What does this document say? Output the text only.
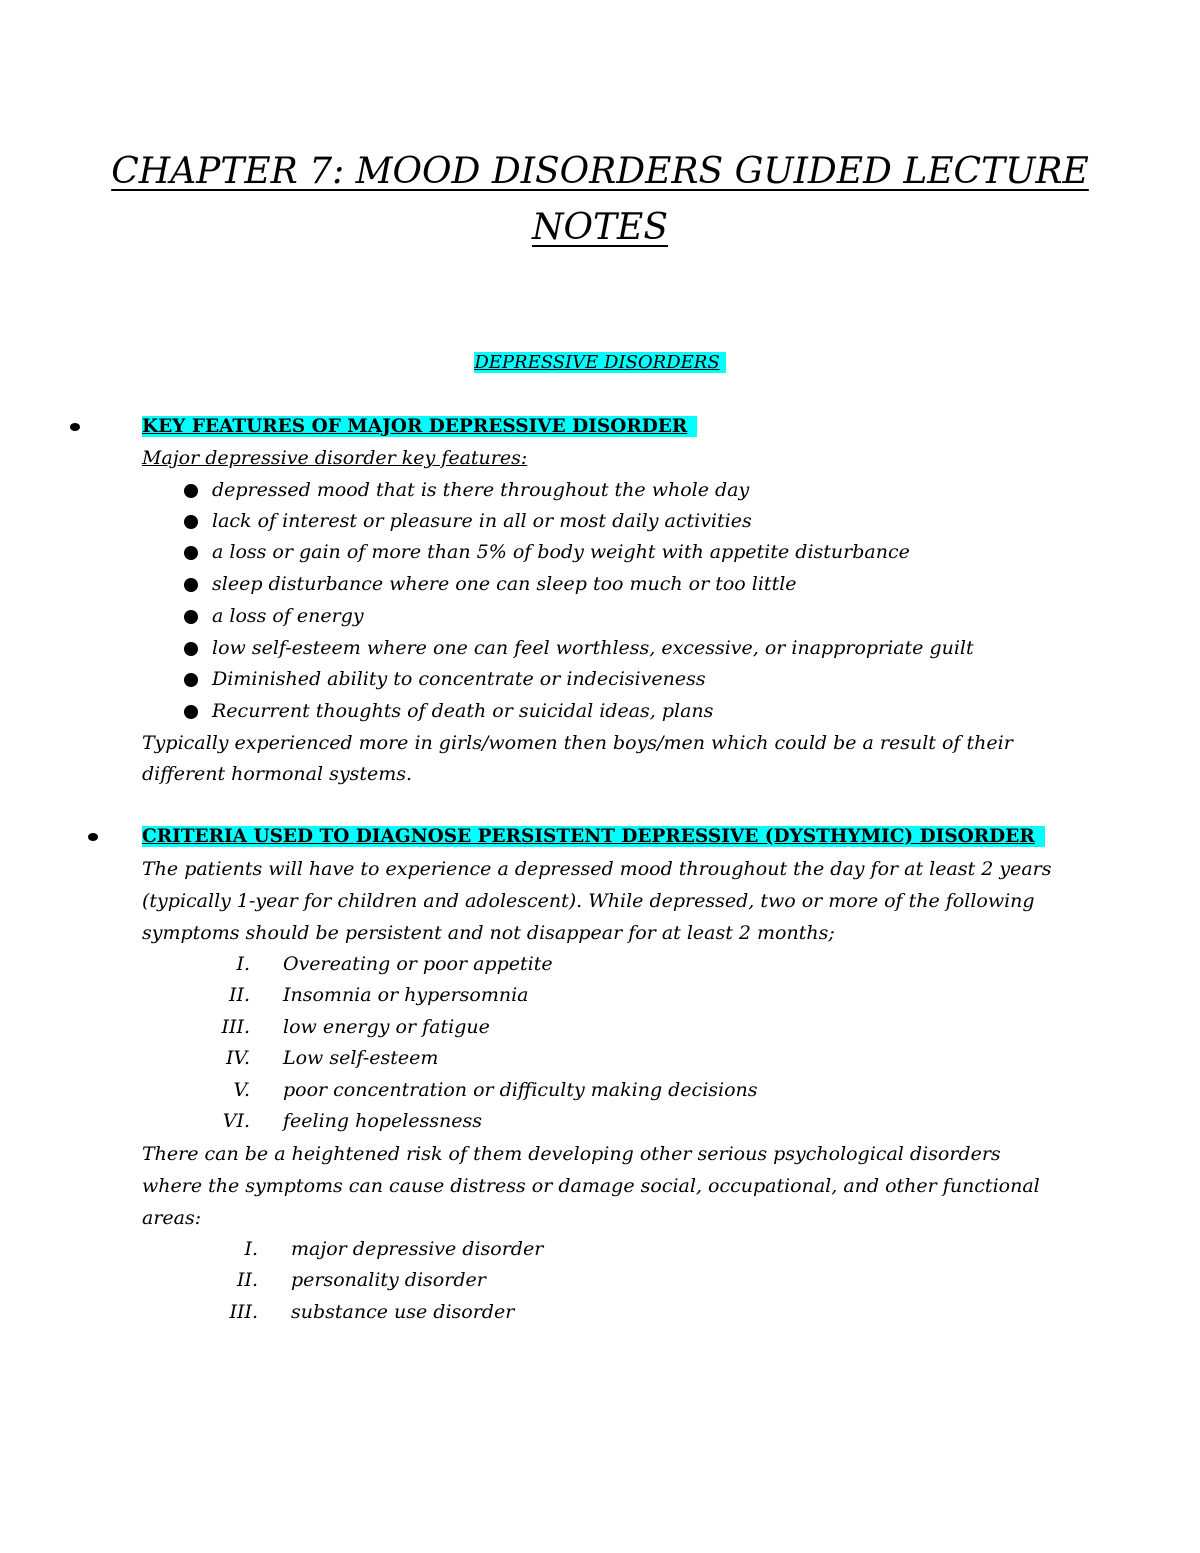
CHAPTER 7: MOOD DISORDERS GUIDED LECTURE
NOTES
DEPRESSIVE DISORDERS
KEY FEATURES OF MAJOR DEPRESSIVE DISORDER
Major depressive disorder key features:
depressed mood that is there throughout the whole day
lack of interest or pleasure in all or most daily activities
a loss or gain of more than 5% of body weight with appetite disturbance
sleep disturbance where one can sleep too much or too little
a loss of energy
low self-esteem where one can feel worthless, excessive, or inappropriate guilt
Diminished ability to concentrate or indecisiveness
Recurrent thoughts of death or suicidal ideas, plans
Typically experienced more in girls/women then boys/men which could be a result of their
different hormonal systems.
CRITERIA USED TO DIAGNOSE PERSISTENT DEPRESSIVE (DYSTHYMIC) DISORDER
The patients will have to experience a depressed mood throughout the day for at least 2 years
(typically 1-year for children and adolescent). While depressed, two or more of the following
symptoms should be persistent and not disappear for at least 2 months;
I. Overeating or poor appetite
II. Insomnia or hypersomnia
III. low energy or fatigue
IV. Low self-esteem
V. poor concentration or difficulty making decisions
VI. feeling hopelessness
There can be a heightened risk of them developing other serious psychological disorders
where the symptoms can cause distress or damage social, occupational, and other functional
areas:
I. major depressive disorder
II. personality disorder
III. substance use disorder
